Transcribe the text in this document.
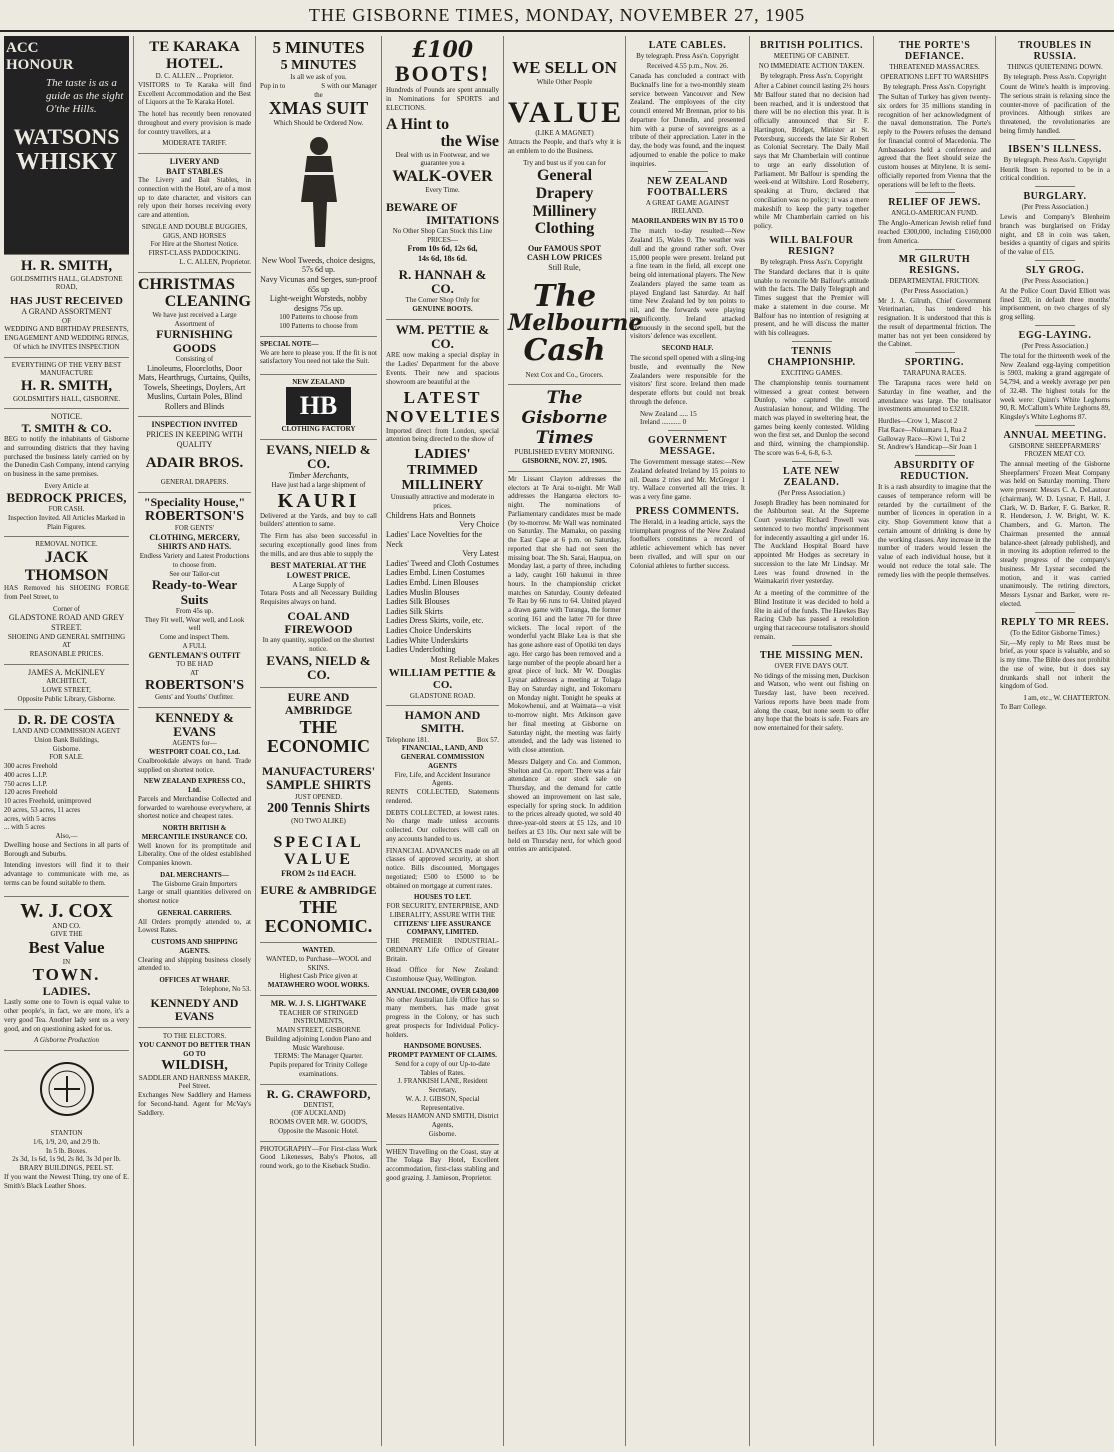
THE GISBORNE TIMES, MONDAY, NOVEMBER 27, 1905
ACC
HONOUR
The taste is as a guide as the sight O'the Hills.
WATSONS
WHISKY
H. R. SMITH,
GOLDSMITH'S HALL, GLADSTONE ROAD,
HAS JUST RECEIVED
A GRAND ASSORTMENT
OF
WEDDING AND BIRTHDAY PRESENTS,
ENGAGEMENT AND WEDDING RINGS,
Of which he INVITES INSPECTION
EVERYTHING OF THE VERY BEST MANUFACTURE
H. R. SMITH,
GOLDSMITH'S HALL, GISBORNE.
NOTICE.
T. SMITH & CO.
BEG to notify the inhabitants of Gisborne and surrounding districts that they having purchased the business lately carried on by the Dunedin Cash Company, intend carrying on business in the same premises.
Every Article at
BEDROCK PRICES,
FOR CASH.
Inspection Invited. All Articles Marked in Plain Figures.
REMOVAL NOTICE.
JACK THOMSON
HAS Removed his SHOEING FORGE from Peel Street, to
Corner of
GLADSTONE ROAD AND GREY STREET.
SHOEING AND GENERAL SMITHING AT
REASONABLE PRICES.
JAMES A. McKINLEY
ARCHITECT,
LOWE STREET,
Opposite Public Library, Gisborne.
D. R. DE COSTA
LAND AND COMMISSION AGENT
Union Bank Buildings,
Gisborne.
FOR SALE.
300 acres Freehold
400 acres L.I.P.
750 acres L.I.P.
120 acres Freehold
10 acres Freehold, unimproved
20 acres, 53 acres, 11 acres
acres, with 5 acres
... with 5 acres
Also,—
Dwelling house and Sections in all parts of Borough and Suburbs.
Intending investors will find it to their advantage to communicate with me, as terms can be found suitable to them.
W. J. COX
AND CO.
GIVE THE
Best Value
IN
TOWN.
LADIES.
Lastly some one to Town is equal value to other people's, in fact, we are more, it's a very good Tea. Another lady sent us a very good, and on questioning asked for us.
A Gisborne Production
STANTON
1/6, 1/9, 2/0, and 2/9 lb.
In 5 lb. Boxes.
2s 3d, 1s 6d, 1s 9d, 2s 8d, 3s 3d per lb.
BRARY BUILDINGS, PEEL ST.
If you want the Newest Thing, try one of E. Smith's Black Leather Shoes.
TE KARAKA HOTEL.
D. C. ALLEN ... Proprietor.
VISITORS to Te Karaka will find Excellent Accommodation and the Best of Liquors at the Te Karaka Hotel.
The hotel has recently been renovated throughout and every provision is made for country travellers, at a
MODERATE TARIFF.
LIVERY AND
BAIT STABLES
The Livery and Bait Stables, in connection with the Hotel, are of a most up to date character, and visitors can rely upon their horses receiving every care and attention.
SINGLE AND DOUBLE BUGGIES, GIGS, AND HORSES
For Hire at the Shortest Notice.
FIRST-CLASS PADDOCKING.
L. C. ALLEN, Proprietor.
CHRISTMAS
CLEANING
We have just received a Large Assortment of
FURNISHING GOODS
Consisting of
Linoleums, Floorcloths, Door Mats, Hearthrugs, Curtains, Quilts, Towels, Sheetings, Doylers, Art Muslins, Curtain Poles, Blind Rollers and Blinds
INSPECTION INVITED
PRICES IN KEEPING WITH QUALITY
ADAIR BROS.
GENERAL DRAPERS.
"Speciality House,"
ROBERTSON'S
FOR GENTS'
CLOTHING, MERCERY, SHIRTS AND HATS.
Endless Variety and Latest Productions to choose from.
See our Tailor-cut
Ready-to-Wear Suits
From 45s up.
They Fit well, Wear well, and Look well
Come and inspect Them.
A FULL
GENTLEMAN'S OUTFIT
TO BE HAD
AT
ROBERTSON'S
Gents' and Youths' Outfitter.
KENNEDY & EVANS
AGENTS for—
WESTPORT COAL CO., Ltd.
Coalbrookdale always on hand. Trade supplied on shortest notice.
NEW ZEALAND EXPRESS CO., Ltd.
Parcels and Merchandise Collected and forwarded to warehouse everywhere, at shortest notice and cheapest rates.
NORTH BRITISH & MERCANTILE INSURANCE CO.
Well known for its promptitude and Liberality. One of the oldest established Companies known.
DAL MERCHANTS—
The Gisborne Grain Importers
Large or small quantities delivered on shortest notice
GENERAL CARRIERS.
All Orders promptly attended to, at Lowest Rates.
CUSTOMS AND SHIPPING AGENTS.
Clearing and shipping business closely attended to.
OFFICES AT WHARF.
Telephone, No 53.
KENNEDY AND EVANS
TO THE ELECTORS.
YOU CANNOT DO BETTER THAN GO TO
WILDISH,
SADDLER AND HARNESS MAKER, Peel Street.
Exchanges New Saddlery and Harness for Second-hand. Agent for McVay's Saddlery.
5 MINUTES
5 MINUTES
Is all we ask of you.
Pop in to	S with our Manager
the
XMAS SUIT
Which Should be Ordered Now.
New Wool Tweeds, choice designs, 57s 6d up.
Navy Vicunas and Serges, sun-proof 65s up
Light-weight Worsteds, nobby designs 75s up.
100 Patterns to choose from
100 Patterns to choose from
SPECIAL NOTE—
We are here to please you. If the fit is not satisfactory You need not take the Suit.
NEW ZEALAND
HB
CLOTHING FACTORY
EVANS, NIELD & CO.
Timber Merchants,
Have just had a large shipment of
KAURI
Delivered at the Yards, and buy to call builders' attention to same.
The Firm has also been successful in securing exceptionally good lines from the mills, and are thus able to supply the
BEST MATERIAL AT THE LOWEST PRICE.
A Large Supply of
Totara Posts and all Necessary Building Requisites always on hand.
COAL AND FIREWOOD
In any quantity, supplied on the shortest notice.
EVANS, NIELD & CO.
EURE AND AMBRIDGE
THE ECONOMIC
MANUFACTURERS'
SAMPLE SHIRTS
JUST OPENED.
200 Tennis Shirts
(NO TWO ALIKE)
SPECIAL
VALUE
FROM 2s 11d EACH.
EURE & AMBRIDGE
THE ECONOMIC.
WANTED.
WANTED, to Purchase—WOOL and SKINS.
Highest Cash Price given at
MATAWHERO WOOL WORKS.
MR. W. J. S. LIGHTWAKE
TEACHER OF STRINGED INSTRUMENTS,
MAIN STREET, GISBORNE
Building adjoining London Piano and Music Warehouse.
TERMS: The Manager Quarter.
Pupils prepared for Trinity College examinations.
R. G. CRAWFORD,
DENTIST,
(OF AUCKLAND)
ROOMS OVER MR. W. GOOD'S,
Opposite the Masonic Hotel.
PHOTOGRAPHY—For First-class Work Good Likenesses, Baby's Photos, all round work, go to the Kiseback Studio.
£100
BOOTS!
Hundreds of Pounds are spent annually in Nominations for SPORTS and ELECTIONS.
A Hint to
the Wise
Deal with us in Footwear, and we guarantee you a
WALK-OVER
Every Time.
BEWARE OF
IMITATIONS
No Other Shop Can Stock this Line
PRICES—
From 10s 6d, 12s 6d,
14s 6d, 18s 6d.
R. HANNAH & CO.
The Corner Shop Only for
GENUINE BOOTS.
WM. PETTIE & CO.
ARE now making a special display in the Ladies' Department for the above Events. Their new and spacious showroom are beautiful at the
LATEST
NOVELTIES
Imported direct from London, special attention being directed to the show of
LADIES'
TRIMMED
MILLINERY
Unusually attractive and moderate in prices.
Childrens Hats and Bonnets
Very Choice
Ladies' Lace Novelties for the Neck
Very Latest
Ladies' Tweed and Cloth Costumes
Ladies Embd. Linen Costumes
Ladies Embd. Linen Blouses
Ladies Muslin Blouses
Ladies Silk Blouses
Ladies Silk Skirts
Ladies Dress Skirts, voile, etc.
Ladies Choice Underskirts
Ladies White Underskirts
Ladies Underclothing
Most Reliable Makes
WILLIAM PETTIE & CO.
GLADSTONE ROAD.
HAMON AND SMITH.
Telephone 181.	Box 57.
FINANCIAL, LAND, AND GENERAL COMMISSION AGENTS
Fire, Life, and Accident Insurance Agents.
RENTS COLLECTED, Statements rendered.
DEBTS COLLECTED, at lowest rates. No charge made unless accounts collected. Our collectors will call on any accounts handed to us.
FINANCIAL ADVANCES made on all classes of approved security, at short notice. Bills discounted, Mortgages negotiated; £500 to £5000 to be obtained on mortgage at current rates.
HOUSES TO LET.
FOR SECURITY, ENTERPRISE, AND LIBERALITY, ASSURE WITH THE
CITIZENS' LIFE ASSURANCE COMPANY, LIMITED.
THE PREMIER INDUSTRIAL-ORDINARY Life Office of Greater Britain.
Head Office for New Zealand: Customhouse Quay, Wellington.
ANNUAL INCOME, OVER £430,000
No other Australian Life Office has so many members, has made great progress in the Colony, or has such great prospects for Individual Policy-holders.
HANDSOME BONUSES.
PROMPT PAYMENT OF CLAIMS.
Send for a copy of our Up-to-date Tables of Rates.
J. FRANKISH LANE, Resident Secretary,
W. A. J. GIBSON, Special Representative.
Messrs HAMON AND SMITH, District Agents,
Gisborne.
WHEN Travelling on the Coast, stay at The Tolaga Bay Hotel, Excellent accommodation, first-class stabling and good grazing. J. Jamieson, Proprietor.
WE SELL ON
While Other People
VALUE
(LIKE A MAGNET)
Attracts the People, and that's why it is an emblem to do the Business.
Try and bust us if you can for
General
Drapery
Millinery
Clothing
Our FAMOUS SPOT
CASH LOW PRICES
Still Rule,
The
Melbourne
Cash
Next Cox and Co., Grocers.
The Gisborne Times
PUBLISHED EVERY MORNING.
GISBORNE, NOV. 27, 1905.
Mr Lissant Clayton addresses the electors at Te Arai to-night. Mr Wall addresses the Hangaroa electors to-night. The nominations of Parliamentary candidates must be made (by to-morrow. Mr Wall was nominated on Saturday. The Mamaku, on passing the East Cape at 6 p.m. on Saturday, reported that she had not seen the missing boat. The Sh. Sarai, Haupua, on Monday last, a party of three, including a lady, caught 160 hakunui in three hours. In the championship cricket matches on Saturday, County defeated Te Rau by 66 runs to 64. United played a drawn game with Turanga, the former scoring 161 and the latter 70 for three wickets. The local report of the wonderful yacht Blake Lea is that she has gone ashore east of Opotiki ten days ago. Her cargo has been removed and a large number of the people aboard her a great piece of luck. Mr W. Douglas Lysnar addresses a meeting at Tolaga Bay on Saturday night, and Tokomaru on Monday night. Tonight he speaks at Mokowhenui, and at Waimata—a visit to-morrow night. Mrs Atkinson gave her final meeting at Gisborne on Saturday night, the meeting was fairly attended, and the lady was listened to with close attention.
Messrs Dalgety and Co. and Common, Shelton and Co. report: There was a fair attendance at our stock sale on Thursday, and the demand for cattle showed an improvement on last sale, especially for spring stock. In addition to the prices already quoted, we sold 40 three-year-old steers at £5 12s, and 10 heifers at £3 10s. Our next sale will be held on Thursday next, for which good entries are anticipated.
LATE CABLES.
By telegraph. Press Ass'n. Copyright
Received 4.55 p.m., Nov. 26.
Canada has concluded a contract with Bucknall's line for a two-monthly steam service between Vancouver and New Zealand. The employees of the city council entered Mr Brennan, prior to his departure for Dunedin, and presented him with a purse of sovereigns as a tribute of their appreciation. Later in the day, the body was found, and the inquest adjourned to enable the police to make inquiries.
NEW ZEALAND FOOTBALLERS
A GREAT GAME AGAINST IRELAND.
MAORILANDERS WIN BY 15 TO 0
The match to-day resulted:—New Zealand 15, Wales 0. The weather was dull and the ground rather soft. Over 15,000 people were present. Ireland put a fine team in the field, all except one being old international players. The New Zealanders played the same team as played England last Saturday. At half time New Zealand led by ten points to nil, and the forwards were playing magnificently. Ireland attacked strenuously in the second spell, but the visitors' defence was excellent.
SECOND HALF.
The second spell opened with a sling-ing bustle, and eventually the New Zealanders were responsible for the visitors' first score. Ireland then made desperate efforts but could not break through the defence.
New Zealand ..... 15
Ireland ........... 0
GOVERNMENT MESSAGE.
The Government message states:—New Zealand defeated Ireland by 15 points to nil. Deans 2 tries and Mr. McGregor 1 try. Wallace converted all the tries. It was a very fine game.
PRESS COMMENTS.
The Herald, in a leading article, says the triumphant progress of the New Zealand footballers constitutes a record of athletic achievement which has never been rivalled, and will spur on our Colonial athletes to further success.
BRITISH POLITICS.
MEETING OF CABINET.
NO IMMEDIATE ACTION TAKEN.
By telegraph. Press Ass'n. Copyright
After a Cabinet council lasting 2½ hours Mr Balfour stated that no decision had been reached, and it is understood that there will be no election this year. It is officially announced that Sir F. Hartington, Bridget, Minister at St. Petersburg, succeeds the late Sir Robert as Colonial Secretary. The Daily Mail says that Mr Chamberlain will continue to urge an early dissolution of Parliament. Mr Balfour is spending the week-end at Wiltshire. Lord Roseberry, speaking at Truro, declared that conciliation was no policy; it was a mere makeshift to keep the party together while Mr Chamberlain carried on his policy.
WILL BALFOUR RESIGN?
By telegraph. Press Ass'n. Copyright
The Standard declares that it is quite unable to reconcile Mr Balfour's attitude with the facts. The Daily Telegraph and Times suggest that the Premier will make a statement in due course. Mr Balfour has no intention of resigning at present, and he will discuss the matter with his colleagues.
TENNIS CHAMPIONSHIP.
EXCITING GAMES.
The championship tennis tournament witnessed a great contest between Dunlop, who captured the record Australasian honour, and Wilding. The match was played in sweltering heat, the games being keenly contested. Wilding won the first set, and Dunlop the second and third, winning the championship. The score was 6-4, 6-8, 6-3.
LATE NEW ZEALAND.
(Per Press Association.)
Joseph Bradley has been nominated for the Ashburton seat. At the Supreme Court yesterday Richard Powell was sentenced to two months' imprisonment for indecently assaulting a girl under 16. The Auckland Hospital Board have appointed Mr Hodges as secretary in succession to the late Mr Lindsay. Mr Lees was found drowned in the Waimakariri river yesterday.
At a meeting of the committee of the Blind Institute it was decided to hold a fête in aid of the funds. The Hawkes Bay Racing Club has passed a resolution urging that racecourse totalisators should remain.
THE MISSING MEN.
OVER FIVE DAYS OUT.
No tidings of the missing men, Duckison and Watson, who went out fishing on Tuesday last, have been received. Various reports have been made from along the coast, but none seem to offer any hope that the boats is safe. Fears are now entertained for their safety.
THE PORTE'S DEFIANCE.
THREATENED MASSACRES.
OPERATIONS LEFT TO WARSHIPS
By telegraph. Press Ass'n. Copyright
The Sultan of Turkey has given twenty-six orders for 35 millions standing in recognition of her acknowledgment of the naval demonstration. The Porte's reply to the Powers refuses the demand for financial control of Macedonia. The Ambassadors held a conference and agreed that the fleet should seize the custom houses at Mitylene. It is semi-officially reported from Vienna that the operations will be left to the fleets.
RELIEF OF JEWS.
ANGLO-AMERICAN FUND.
The Anglo-American Jewish relief fund reached £300,000, including £160,000 from America.
MR GILRUTH RESIGNS.
DEPARTMENTAL FRICTION.
(Per Press Association.)
Mr J. A. Gilruth, Chief Government Veterinarian, has tendered his resignation. It is understood that this is the result of departmental friction. The matter has not yet been considered by the Cabinet.
SPORTING.
TARAPUNA RACES.
The Tarapuna races were held on Saturday in fine weather, and the attendance was large. The totalisator investments amounted to £3218.
Hurdles—Crow 1, Mascot 2
Flat Race—Nukumaru 1, Rua 2
Galloway Race—Kiwi 1, Tui 2
St. Andrew's Handicap—Sir Joan 1
ABSURDITY OF REDUCTION.
It is a rash absurdity to imagine that the causes of temperance reform will be retarded by the curtailment of the number of licences in operation in a city. Shop Government know that a certain amount of drinking is done by the working classes. Any increase in the number of traders would lessen the value of each individual house, but it would not reduce the total sale. The remedy lies with the people themselves.
TROUBLES IN RUSSIA.
THINGS QUIETENING DOWN.
By telegraph. Press Ass'n. Copyright
Count de Witte's health is improving. The serious strain is relaxing since the counter-move of pacification of the provinces. Although strikes are threatened, the revolutionaries are being firmly handled.
IBSEN'S ILLNESS.
By telegraph. Press Ass'n. Copyright
Henrik Ibsen is reported to be in a critical condition.
BURGLARY.
(Per Press Association.)
Lewis and Company's Blenheim branch was burglarised on Friday night, and £8 in coin was taken, besides a quantity of cigars and spirits of the value of £15.
SLY GROG.
(Per Press Association.)
At the Police Court David Elliott was fined £20, in default three months' imprisonment, on two charges of sly grog selling.
EGG-LAYING.
(Per Press Association.)
The total for the thirteenth week of the New Zealand egg-laying competition is 5903, making a grand aggregate of 54,794, and a weekly average per pen of 32.48. The highest totals for the week were: Quinn's White Leghorns 90, R. McCallum's White Leghorns 89, Kingsley's White Leghorns 87.
ANNUAL MEETING.
GISBORNE SHEEPFARMERS' FROZEN MEAT CO.
The annual meeting of the Gisborne Sheepfarmers' Frozen Meat Company was held on Saturday morning. There were present: Messrs C. A. DeLautour (chairman), W. D. Lysnar, F. Hall, J. Clark, W. D. Barker, F. G. Barker, R. R. Henderson, J. W. Bright, W. K. Chambers, and G. Marton. The Chairman presented the annual balance-sheet (already published), and in moving its adoption referred to the steady progress of the company's business. Mr Lysnar seconded the motion, and it was carried unanimously. The retiring directors, Messrs Lysnar and Barker, were re-elected.
REPLY TO MR REES.
(To the Editor Gisborne Times.)
Sir,—My reply to Mr Rees must be brief, as your space is valuable, and so is my time. The Bible does not prohibit the use of wine, but it does say drunkards shall not inherit the kingdom of God.
I am, etc., W. CHATTERTON.
To Barr College.
